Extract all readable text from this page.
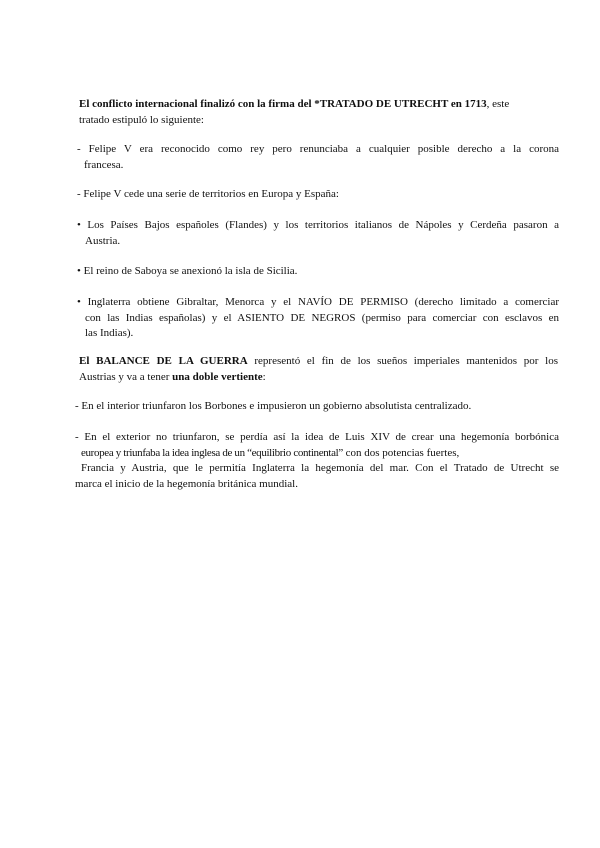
El conflicto internacional finalizó con la firma del *TRATADO DE UTRECHT en 1713, este
tratado estipuló lo siguiente:
- Felipe V era reconocido como rey pero renunciaba a cualquier posible derecho a la corona
francesa.
- Felipe V cede una serie de territorios en Europa y España:
• Los Países Bajos españoles (Flandes) y los territorios italianos de Nápoles y Cerdeña pasaron a
Austria.
• El reino de Saboya se anexionó la isla de Sicilia.
• Inglaterra obtiene Gibraltar, Menorca y el NAVÍO DE PERMISO (derecho limitado a comerciar
con las Indias españolas) y el ASIENTO DE NEGROS (permiso para comerciar con esclavos en
las Indias).
El BALANCE DE LA GUERRA representó el fin de los sueños imperiales mantenidos por los
Austrias y va a tener una doble vertiente:
- En el interior triunfaron los Borbones e impusieron un gobierno absolutista centralizado.
- En el exterior no triunfaron, se perdía así la idea de Luis XIV de crear una hegemonía borbónica
europea y triunfaba la idea inglesa de un “equilibrio continental” con dos potencias fuertes,
Francia y Austria, que le permitía Inglaterra la hegemonía del mar. Con el Tratado de Utrecht se
marca el inicio de la hegemonía británica mundial.
